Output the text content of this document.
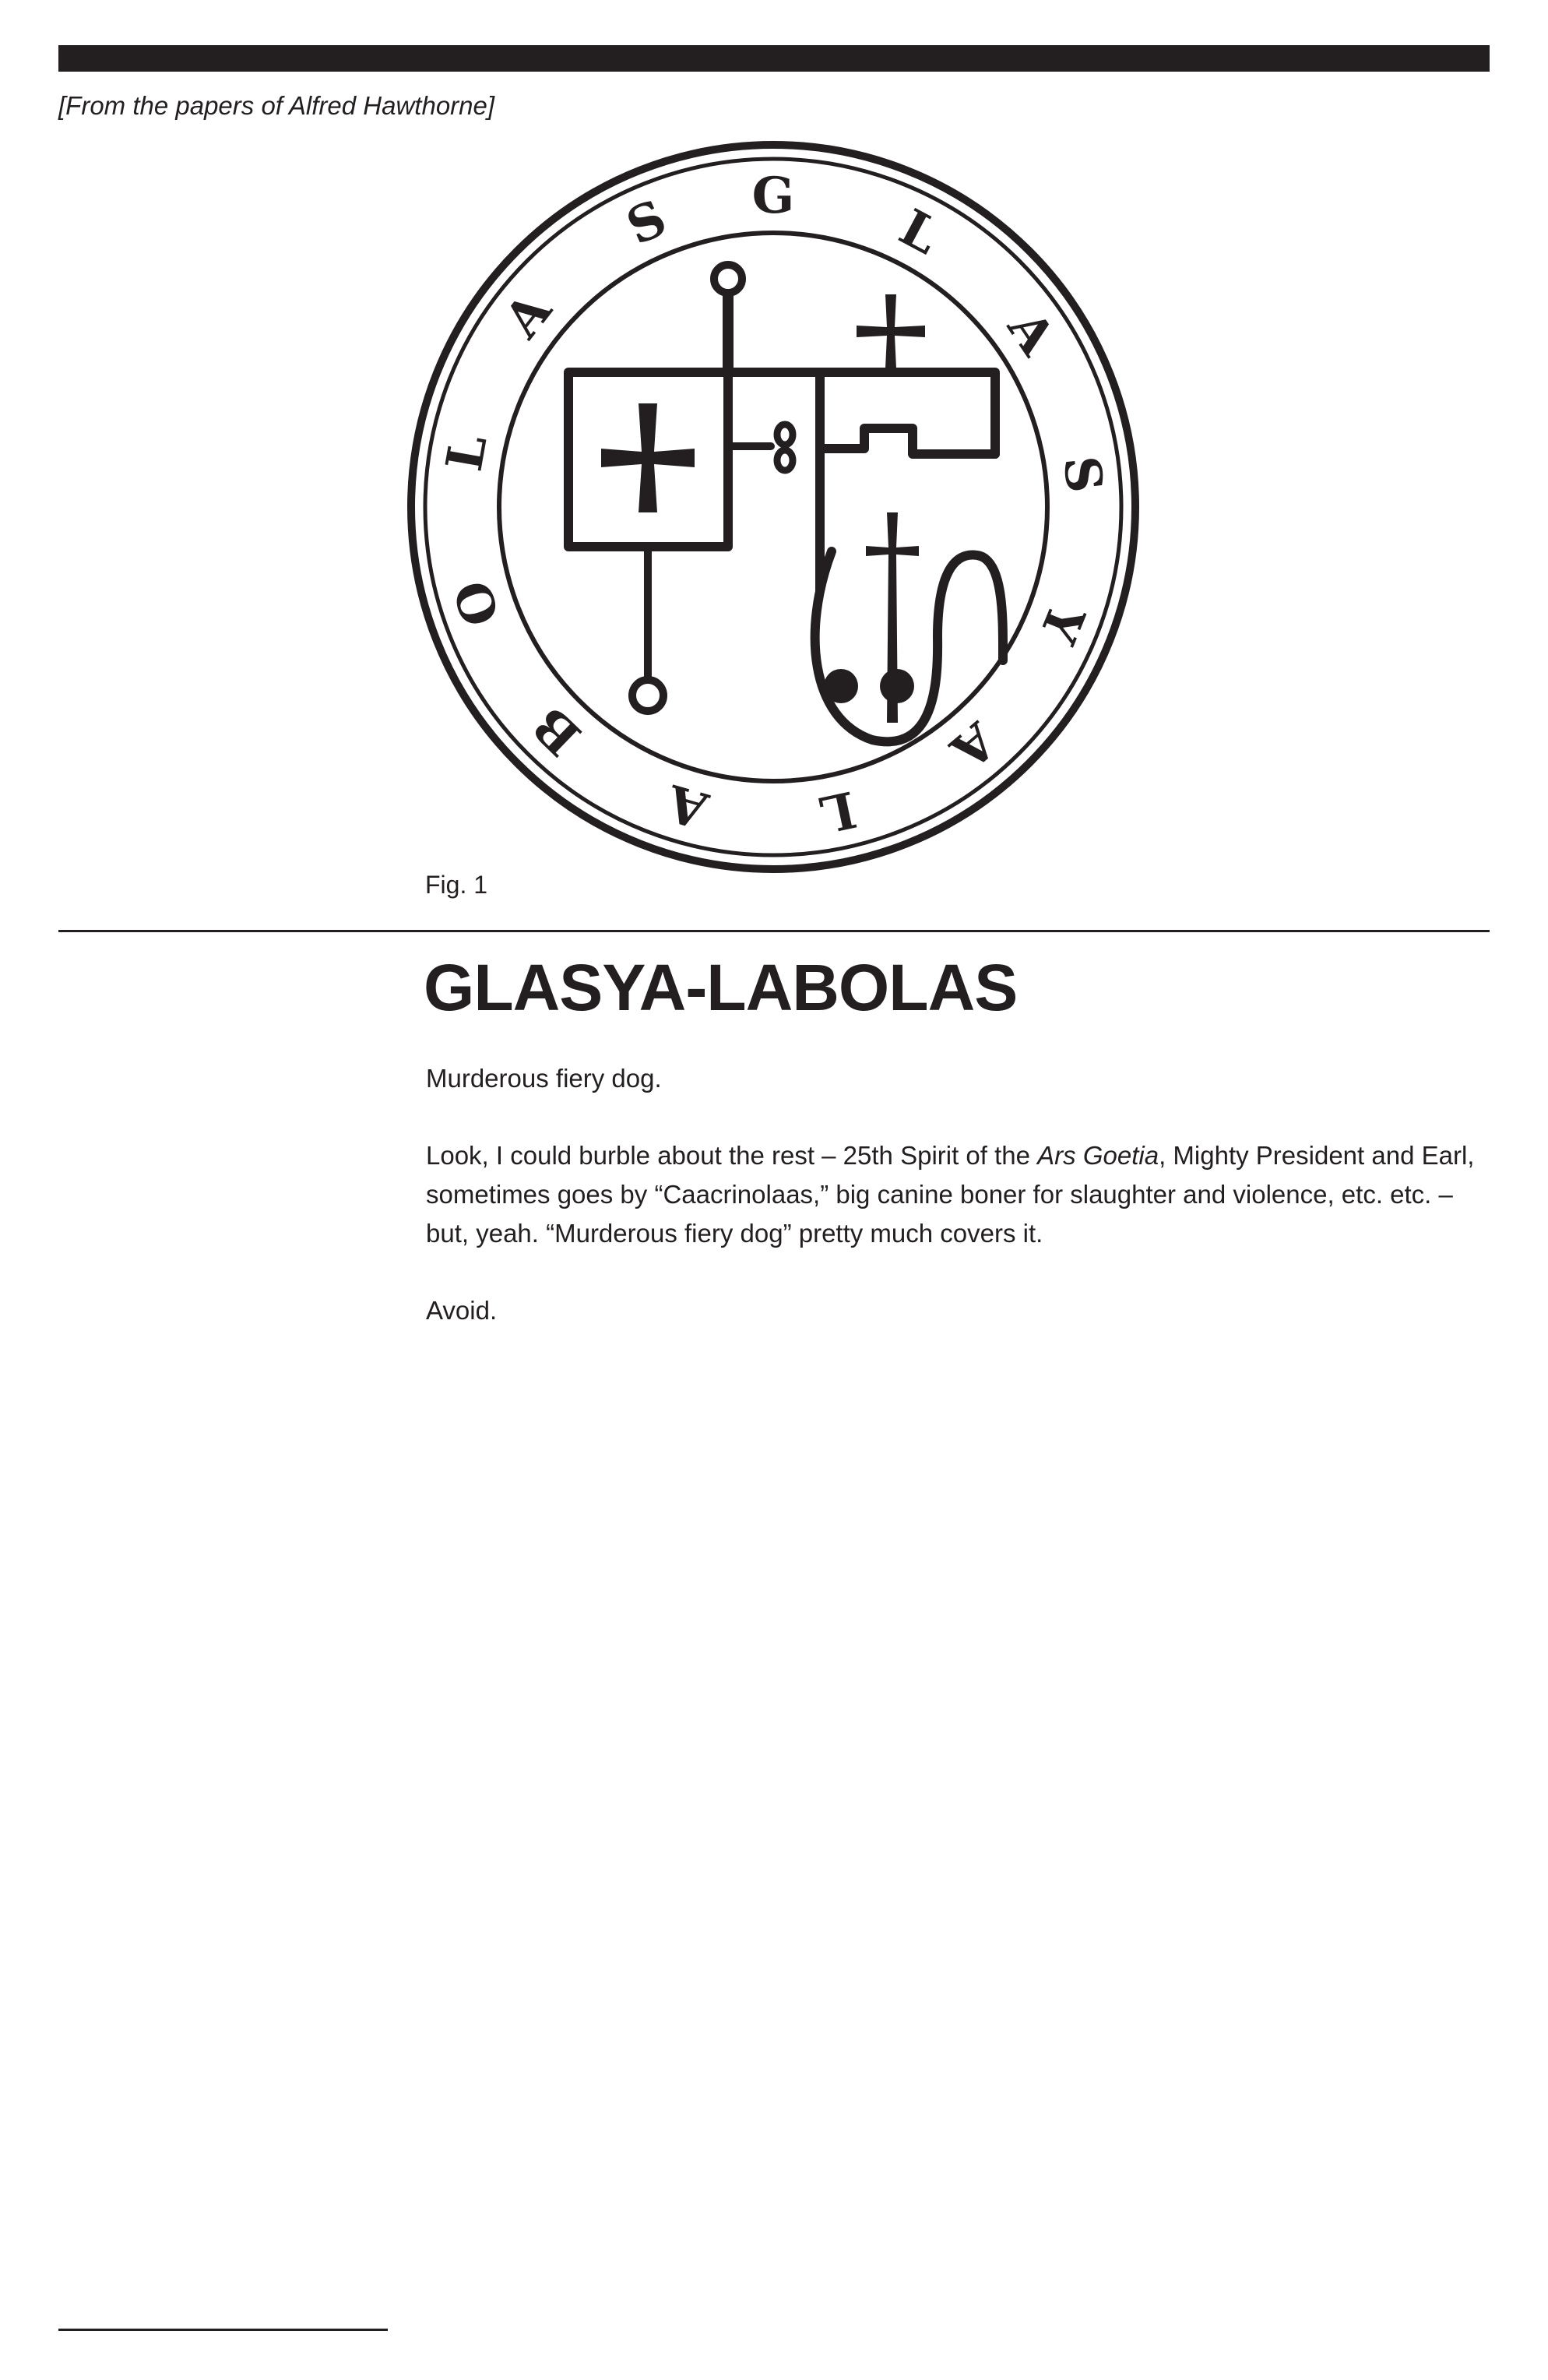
[From the papers of Alfred Hawthorne]
G
L
A
S
Y
A
L
A
B
O
L
A
S
Fig. 1
GLASYA-LABOLAS

Murderous fiery dog.

Look, I could burble about the rest – 25th Spirit of the Ars Goetia, Mighty President and Earl, sometimes goes by “Caacrinolaas,” big canine boner for slaughter and violence, etc. etc. – but, yeah. “Murderous fiery dog” pretty much covers it.

Avoid.
